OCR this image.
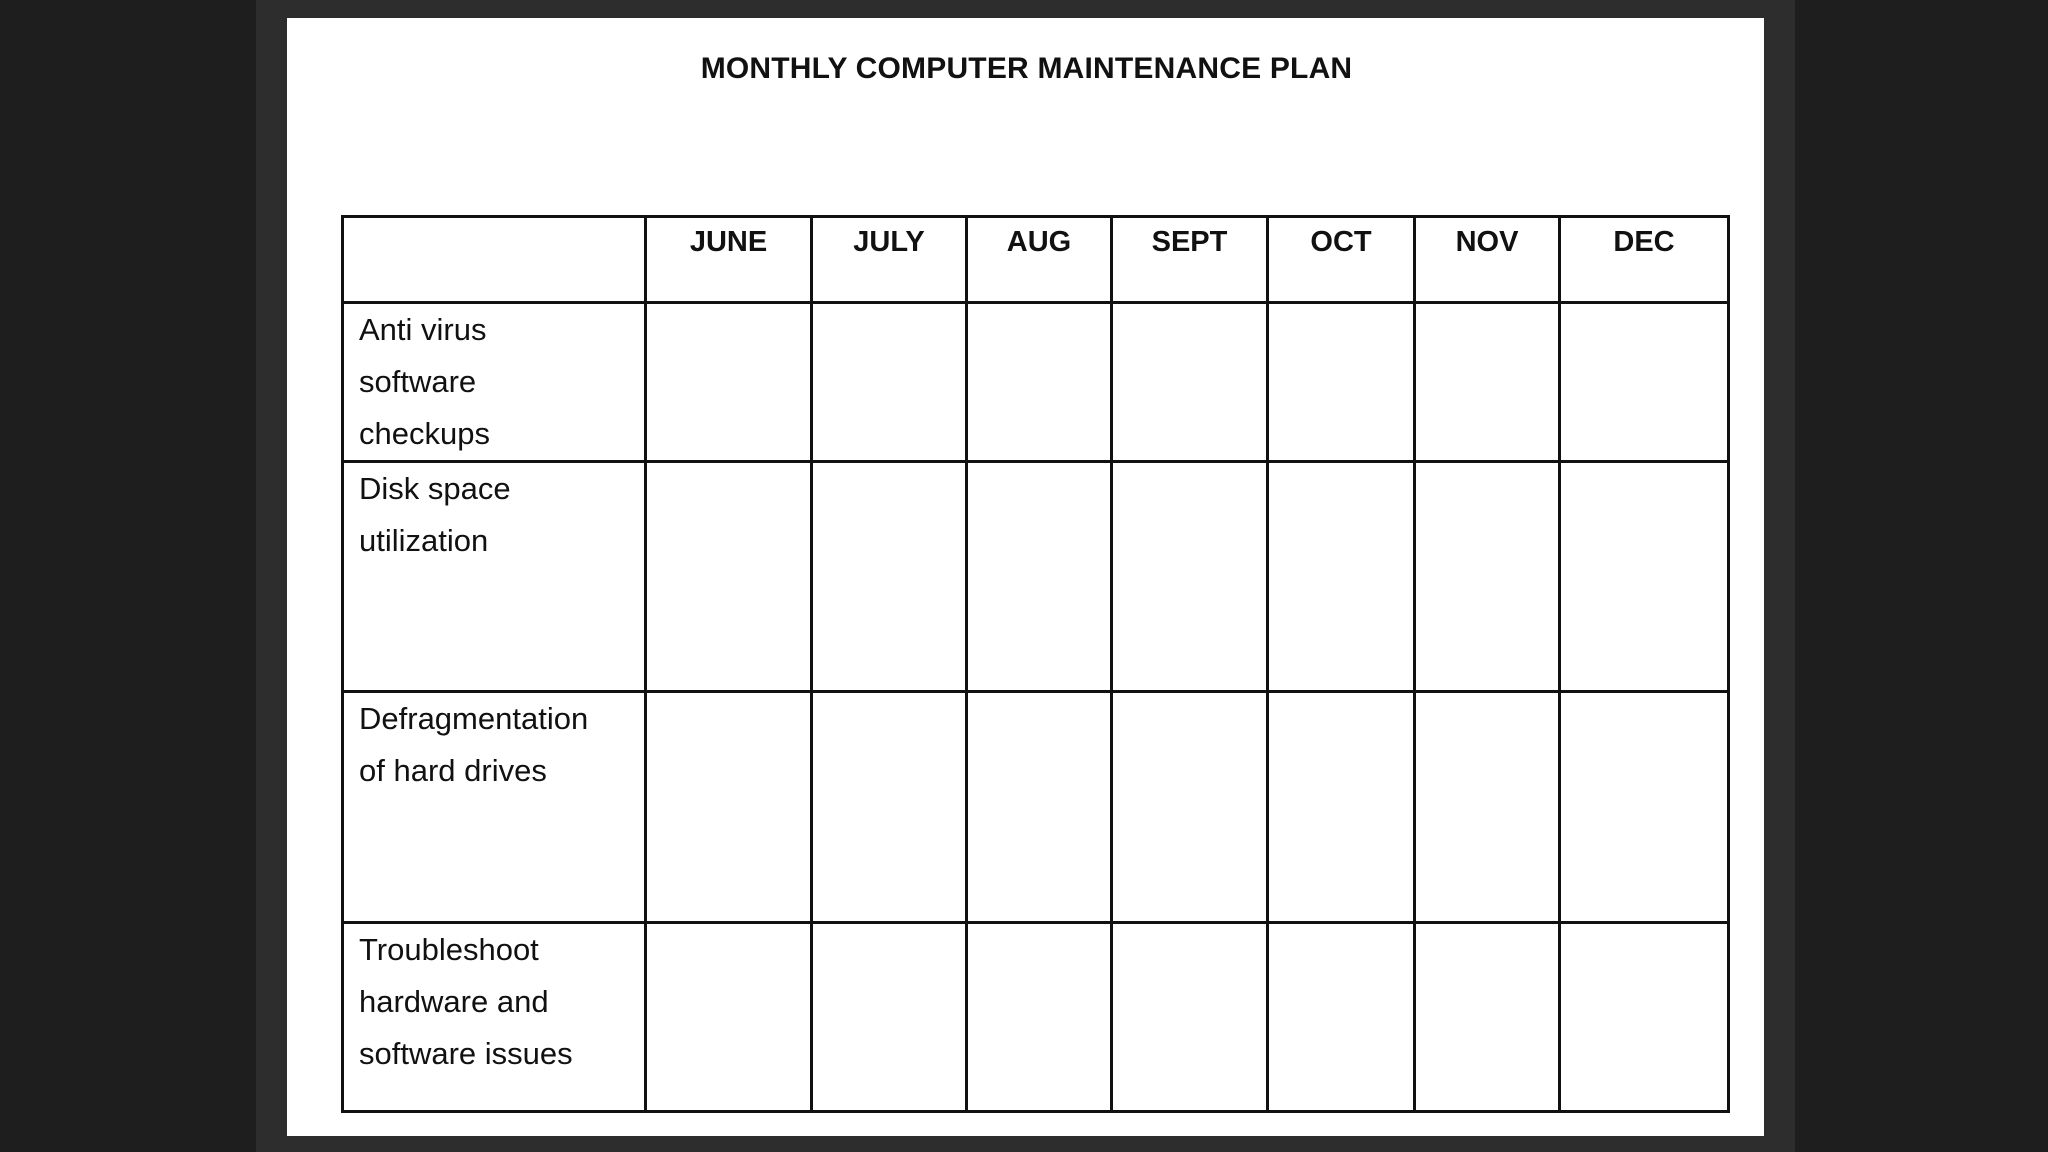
MONTHLY COMPUTER MAINTENANCE PLAN
	JUNE	JULY	AUG	SEPT	OCT	NOV	DEC

Anti virus
software
checkups							

Disk space
utilization							

Defragmentation
of hard drives							

Troubleshoot
hardware and
software issues							
